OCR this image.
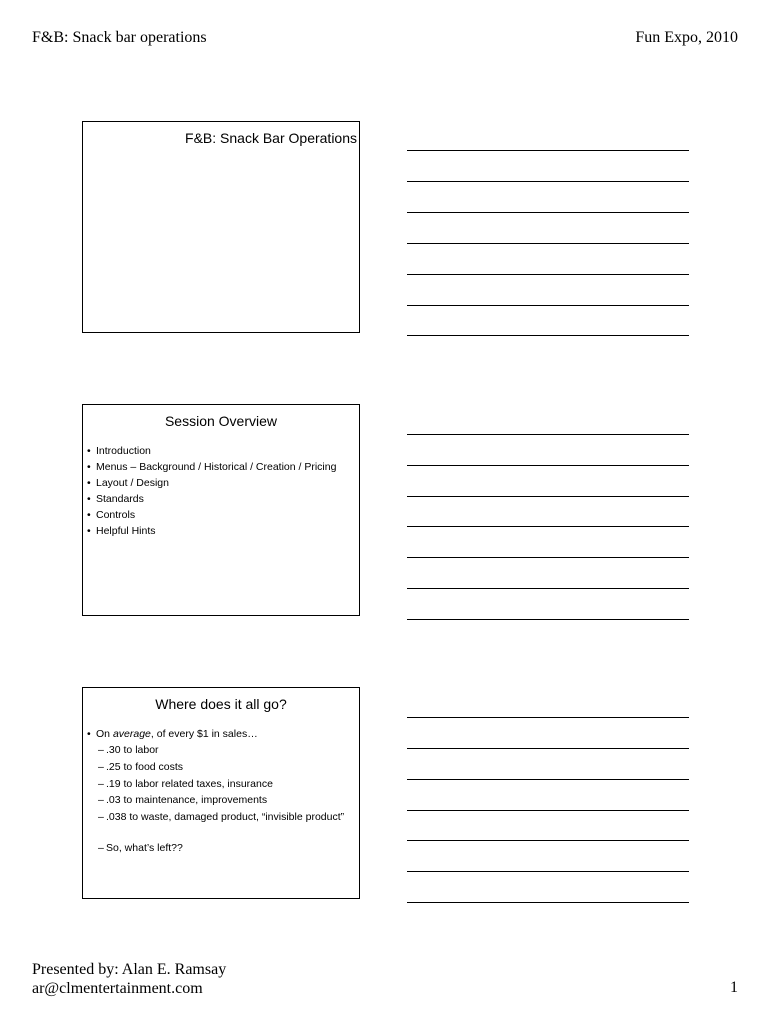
F&B: Snack bar operations	Fun Expo, 2010
F&B: Snack Bar Operations
Session Overview
• Introduction
• Menus – Background / Historical / Creation / Pricing
• Layout / Design
• Standards
• Controls
• Helpful Hints
Where does it all go?
• On average, of every $1 in sales…
– .30 to labor
– .25 to food costs
– .19 to labor related taxes, insurance
– .03 to maintenance, improvements
– .038 to waste, damaged product, “invisible product”
– So, what’s left??
Presented by: Alan E. Ramsay
ar@clmentertainment.com	1
